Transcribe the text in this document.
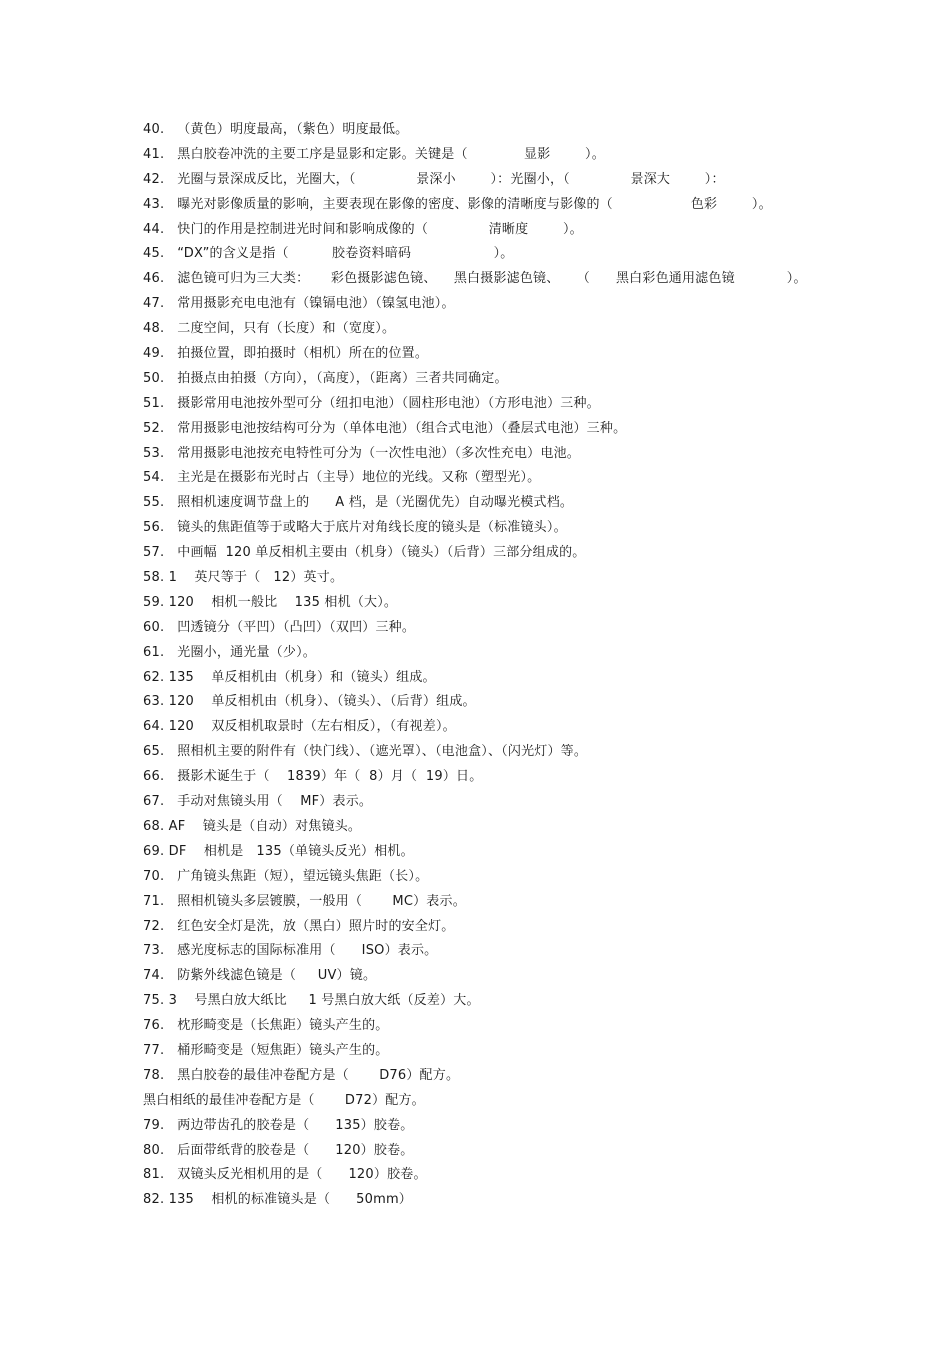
40.   （黄色）明度最高，（紫色）明度最低。
41.   黑白胶卷冲洗的主要工序是显影和定影。关键是（             显影        ）。
42.   光圈与景深成反比，光圈大，（              景深小        ）：光圈小，（              景深大        ）：
43.   曝光对影像质量的影响，主要表现在影像的密度、影像的清晰度与影像的（                  色彩        ）。
44.   快门的作用是控制进光时间和影响成像的（              清晰度        ）。
45.   “DX”的含义是指（          胶卷资料暗码                   ）。
46.   滤色镜可归为三大类：     彩色摄影滤色镜、    黑白摄影滤色镜、    （      黑白彩色通用滤色镜            ）。
47.   常用摄影充电电池有（镍镉电池）（镍氢电池）。
48.   二度空间，只有（长度）和（宽度）。
49.   拍摄位置，即拍摄时（相机）所在的位置。
50.   拍摄点由拍摄（方向），（高度），（距离）三者共同确定。
51.   摄影常用电池按外型可分（纽扣电池）（圆柱形电池）（方形电池）三种。
52.   常用摄影电池按结构可分为（单体电池）（组合式电池）（叠层式电池）三种。
53.   常用摄影电池按充电特性可分为（一次性电池）（多次性充电）电池。
54.   主光是在摄影布光时占（主导）地位的光线。又称（塑型光）。
55.   照相机速度调节盘上的      A 档，是（光圈优先）自动曝光模式档。
56.   镜头的焦距值等于或略大于底片对角线长度的镜头是（标准镜头）。
57.   中画幅  120 单反相机主要由（机身）（镜头）（后背）三部分组成的。
58. 1    英尺等于（   12）英寸。
59. 120    相机一般比    135 相机（大）。
60.   凹透镜分（平凹）（凸凹）（双凹）三种。
61.   光圈小，通光量（少）。
62. 135    单反相机由（机身）和（镜头）组成。
63. 120    单反相机由（机身）、（镜头）、（后背）组成。
64. 120    双反相机取景时（左右相反），（有视差）。
65.   照相机主要的附件有（快门线）、（遮光罩）、（电池盒）、（闪光灯）等。
66.   摄影术诞生于（    1839）年（  8）月（  19）日。
67.   手动对焦镜头用（    MF）表示。
68. AF    镜头是（自动）对焦镜头。
69. DF    相机是   135（单镜头反光）相机。
70.   广角镜头焦距（短），望远镜头焦距（长）。
71.   照相机镜头多层镀膜，一般用（       MC）表示。
72.   红色安全灯是洗，放（黑白）照片时的安全灯。
73.   感光度标志的国际标准用（      ISO）表示。
74.   防紫外线滤色镜是（     UV）镜。
75. 3    号黑白放大纸比     1 号黑白放大纸（反差）大。
76.   枕形畸变是（长焦距）镜头产生的。
77.   桶形畸变是（短焦距）镜头产生的。
78.   黑白胶卷的最佳冲卷配方是（       D76）配方。
黑白相纸的最佳冲卷配方是（       D72）配方。
79.   两边带齿孔的胶卷是（      135）胶卷。
80.   后面带纸背的胶卷是（      120）胶卷。
81.   双镜头反光相机用的是（      120）胶卷。
82. 135    相机的标准镜头是（      50mm）
